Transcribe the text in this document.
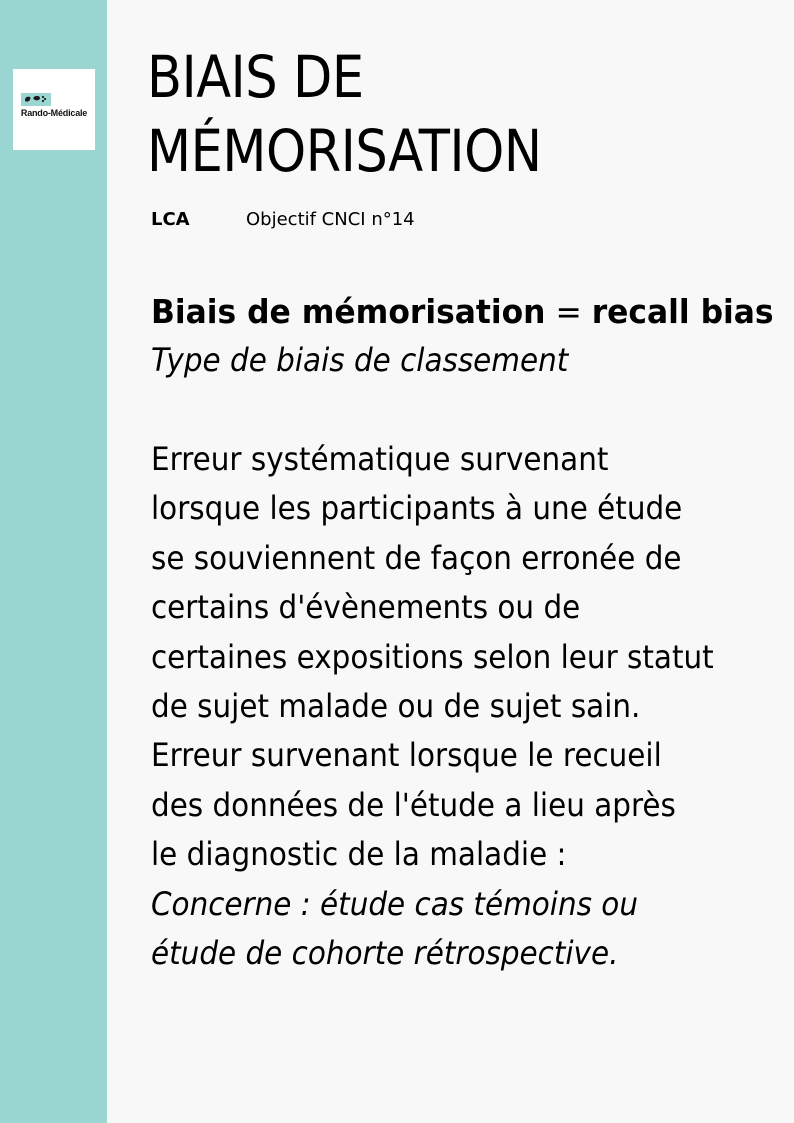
Rando-Médicale
BIAIS DE
MÉMORISATION
LCA	Objectif CNCI n°14

Biais de mémorisation = recall bias

Type de biais de classement

Erreur systématique survenant

lorsque les participants à une étude

se souviennent de façon erronée de

certains d'évènements ou de

certaines expositions selon leur statut

de sujet malade ou de sujet sain.

Erreur survenant lorsque le recueil

des données de l'étude a lieu après

le diagnostic de la maladie :

Concerne : étude cas témoins ou

étude de cohorte rétrospective.
